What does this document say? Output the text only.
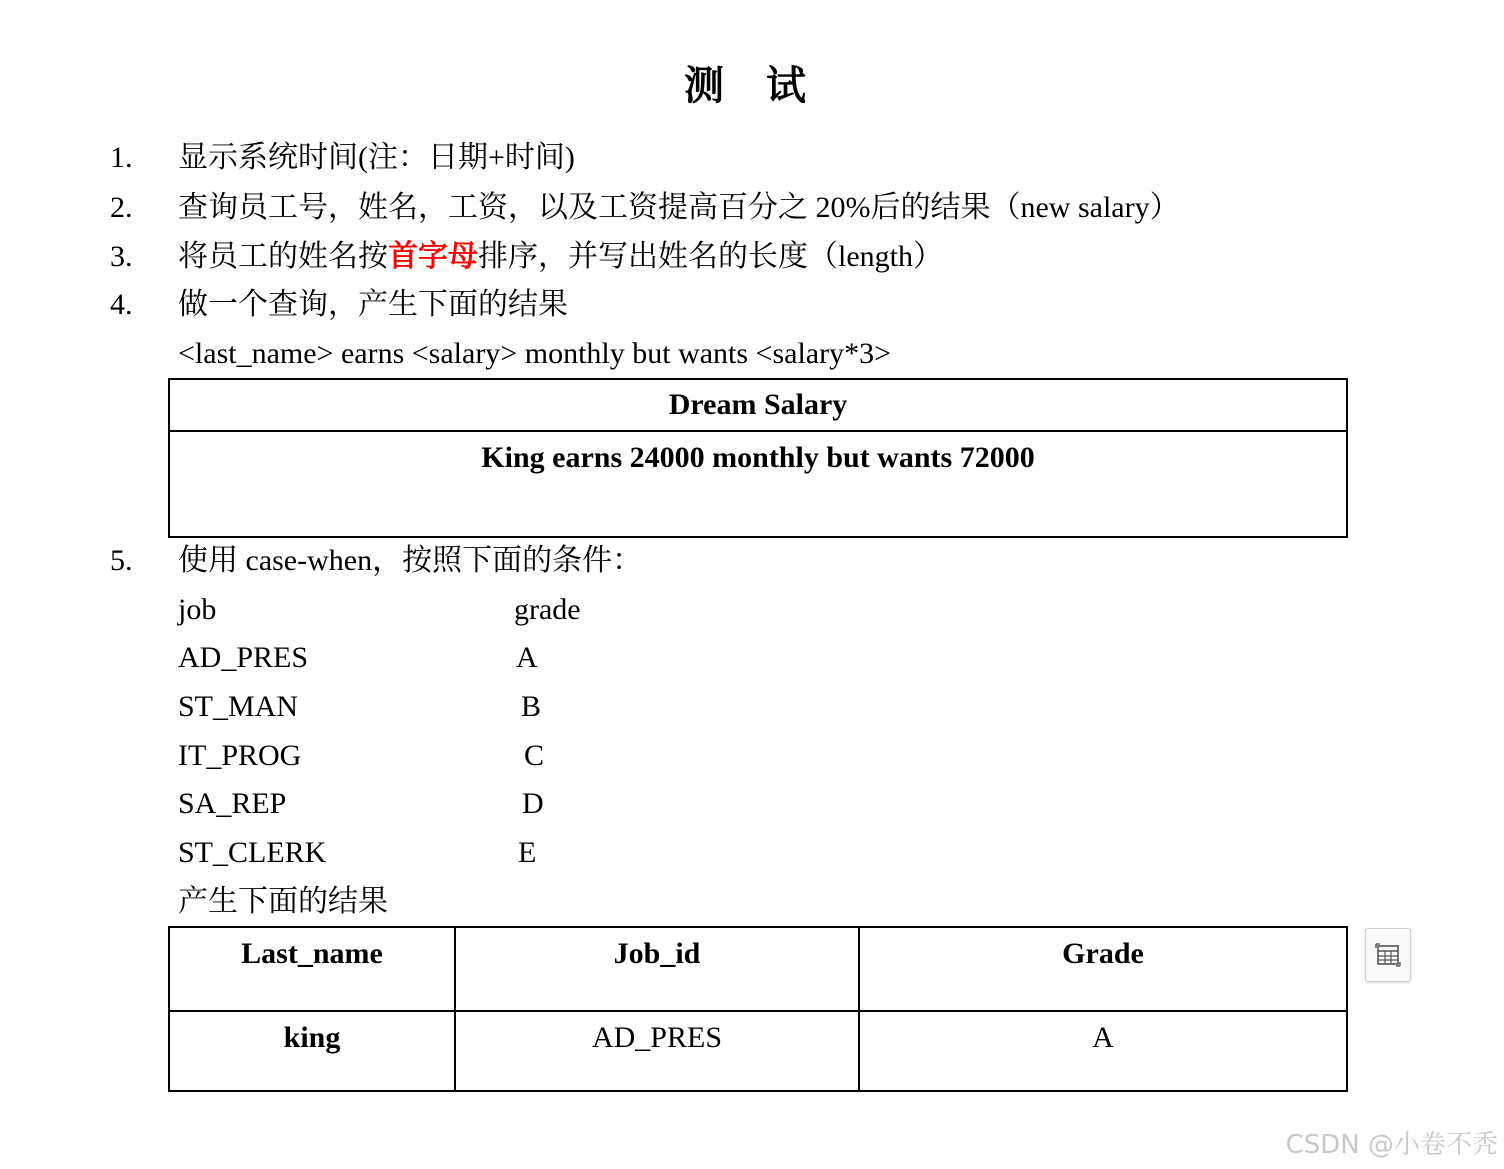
测 试
1. 显示系统时间(注：日期+时间)
2. 查询员工号，姓名，工资，以及工资提高百分之 20%后的结果（new salary）
3. 将员工的姓名按首字母排序，并写出姓名的长度（length）
4. 做一个查询，产生下面的结果
<last_name> earns <salary> monthly but wants <salary*3>
Dream Salary
King earns 24000 monthly but wants 72000
5. 使用 case-when，按照下面的条件：
job	grade
AD_PRES	A
ST_MAN	B
IT_PROG	C
SA_REP	D
ST_CLERK	E
产生下面的结果
Last_name	Job_id	Grade
king	AD_PRES	A
CSDN @小卷不秃
